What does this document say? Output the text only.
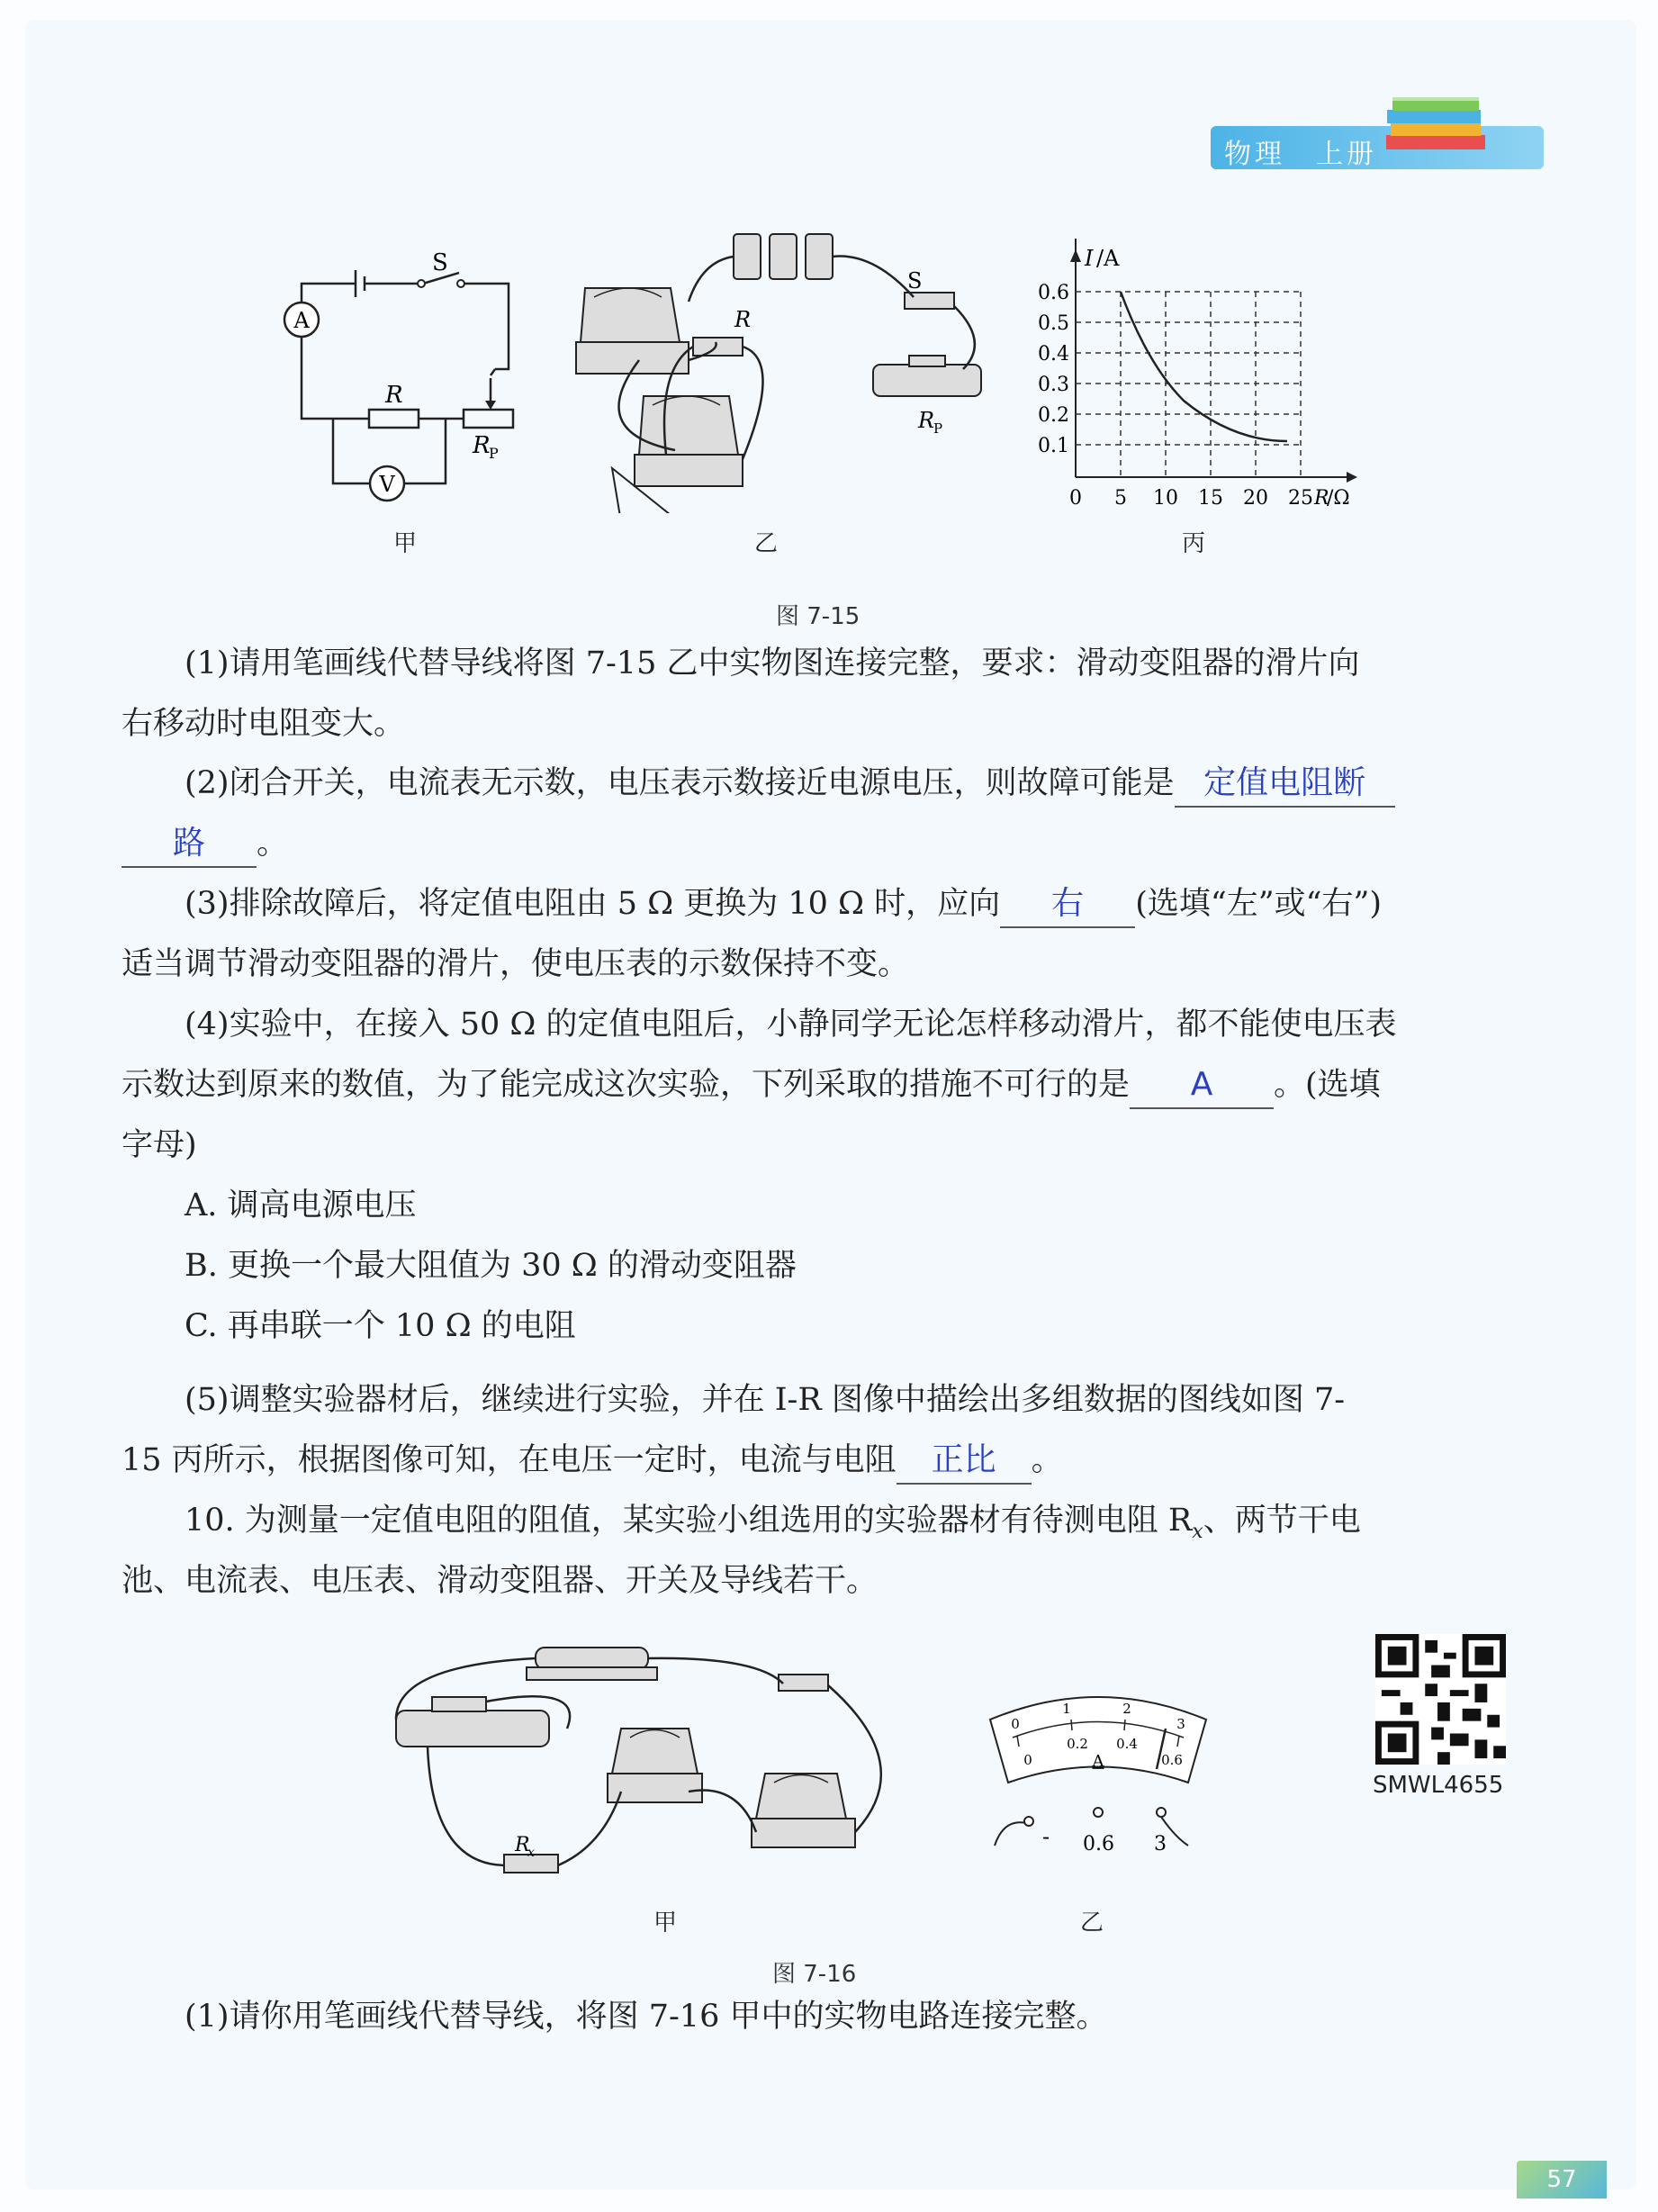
物理　上册
A
V
S
R
R
P
甲
R
R
P
S
乙
I /A
0.6
0.5
0.4
0.3
0.2
0.1
0 5 10 15 20 25 R
/Ω
丙
图 7-15
(1)请用笔画线代替导线将图 7-15 乙中实物图连接完整，要求：滑动变阻器的滑片向
右移动时电阻变大。
(2)闭合开关，电流表无示数，电压表示数接近电源电压，则故障可能是 定值电阻断
路 。
(3)排除故障后，将定值电阻由 5 Ω 更换为 10 Ω 时，应向 右 (选填“左”或“右”)
适当调节滑动变阻器的滑片，使电压表的示数保持不变。
(4)实验中，在接入 50 Ω 的定值电阻后，小静同学无论怎样移动滑片，都不能使电压表
示数达到原来的数值，为了能完成这次实验，下列采取的措施不可行的是 A 。(选填
字母)
A. 调高电源电压
B. 更换一个最大阻值为 30 Ω 的滑动变阻器
C. 再串联一个 10 Ω 的电阻
(5)调整实验器材后，继续进行实验，并在 I-R 图像中描绘出多组数据的图线如图 7-
15 丙所示，根据图像可知，在电压一定时，电流与电阻 正比 。
10. 为测量一定值电阻的阻值，某实验小组选用的实验器材有待测电阻 $R_x$、两节干电
池、电流表、电压表、滑动变阻器、开关及导线若干。
R
x
甲
0
1	2
3
0
0.2 0.4
0.6
A
- 0.6 3
乙
图 7-16
SMWL4655
(1)请你用笔画线代替导线，将图 7-16 甲中的实物电路连接完整。
57
